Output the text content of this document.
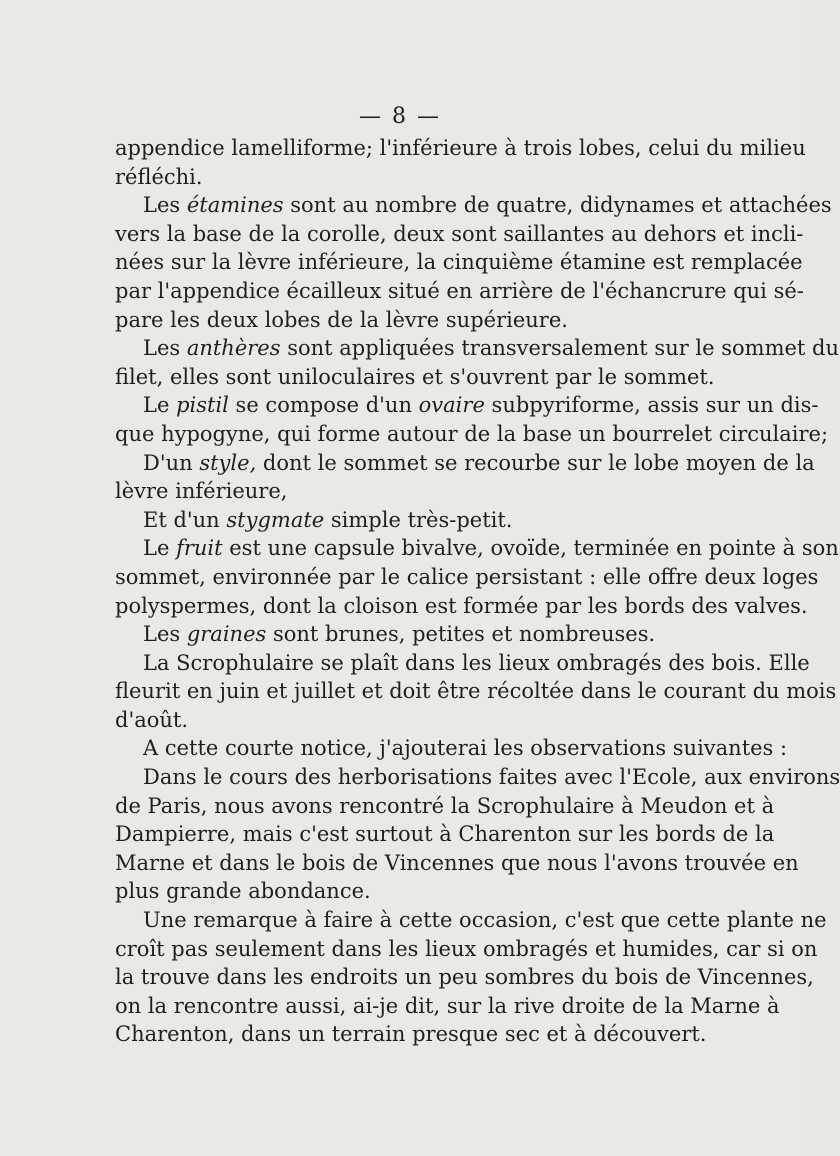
— 8 —
appendice lamelliforme; l'inférieure à trois lobes, celui du milieu
réfléchi.
Les étamines sont au nombre de quatre, didynames et attachées
vers la base de la corolle, deux sont saillantes au dehors et incli-
nées sur la lèvre inférieure, la cinquième étamine est remplacée
par l'appendice écailleux situé en arrière de l'échancrure qui sé-
pare les deux lobes de la lèvre supérieure.
Les anthères sont appliquées transversalement sur le sommet du
filet, elles sont uniloculaires et s'ouvrent par le sommet.
Le pistil se compose d'un ovaire subpyriforme, assis sur un dis-
que hypogyne, qui forme autour de la base un bourrelet circulaire;
D'un style, dont le sommet se recourbe sur le lobe moyen de la
lèvre inférieure,
Et d'un stygmate simple très-petit.
Le fruit est une capsule bivalve, ovoïde, terminée en pointe à son
sommet, environnée par le calice persistant : elle offre deux loges
polyspermes, dont la cloison est formée par les bords des valves.
Les graines sont brunes, petites et nombreuses.
La Scrophulaire se plaît dans les lieux ombragés des bois. Elle
fleurit en juin et juillet et doit être récoltée dans le courant du mois
d'août.
A cette courte notice, j'ajouterai les observations suivantes :
Dans le cours des herborisations faites avec l'Ecole, aux environs
de Paris, nous avons rencontré la Scrophulaire à Meudon et à
Dampierre, mais c'est surtout à Charenton sur les bords de la
Marne et dans le bois de Vincennes que nous l'avons trouvée en
plus grande abondance.
Une remarque à faire à cette occasion, c'est que cette plante ne
croît pas seulement dans les lieux ombragés et humides, car si on
la trouve dans les endroits un peu sombres du bois de Vincennes,
on la rencontre aussi, ai-je dit, sur la rive droite de la Marne à
Charenton, dans un terrain presque sec et à découvert.
